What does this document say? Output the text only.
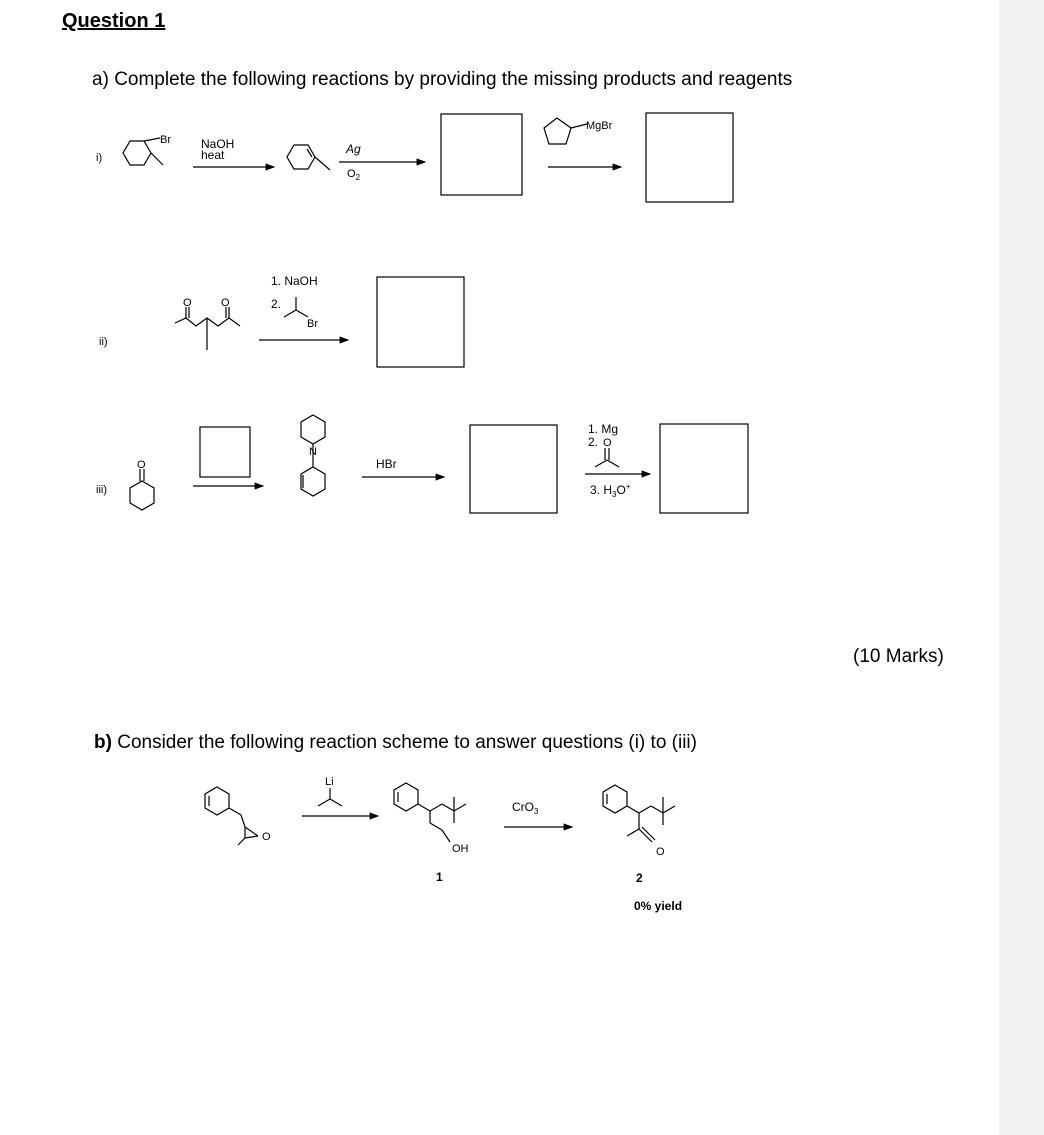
Question 1
a) Complete the following reactions by providing the missing products and reagents
b) Consider the following reaction scheme to answer questions (i) to (iii)
(10 Marks)
i)
Br	NaOH
heat	Ag
$O_2$
MgBr
ii)
O	O
1. NaOH
2.
Br
iii)
O
N
HBr
1. Mg
2. O
3. $H_3O^+$
O
Li
OH
1
CrO$_3$
O
2
0% yield
